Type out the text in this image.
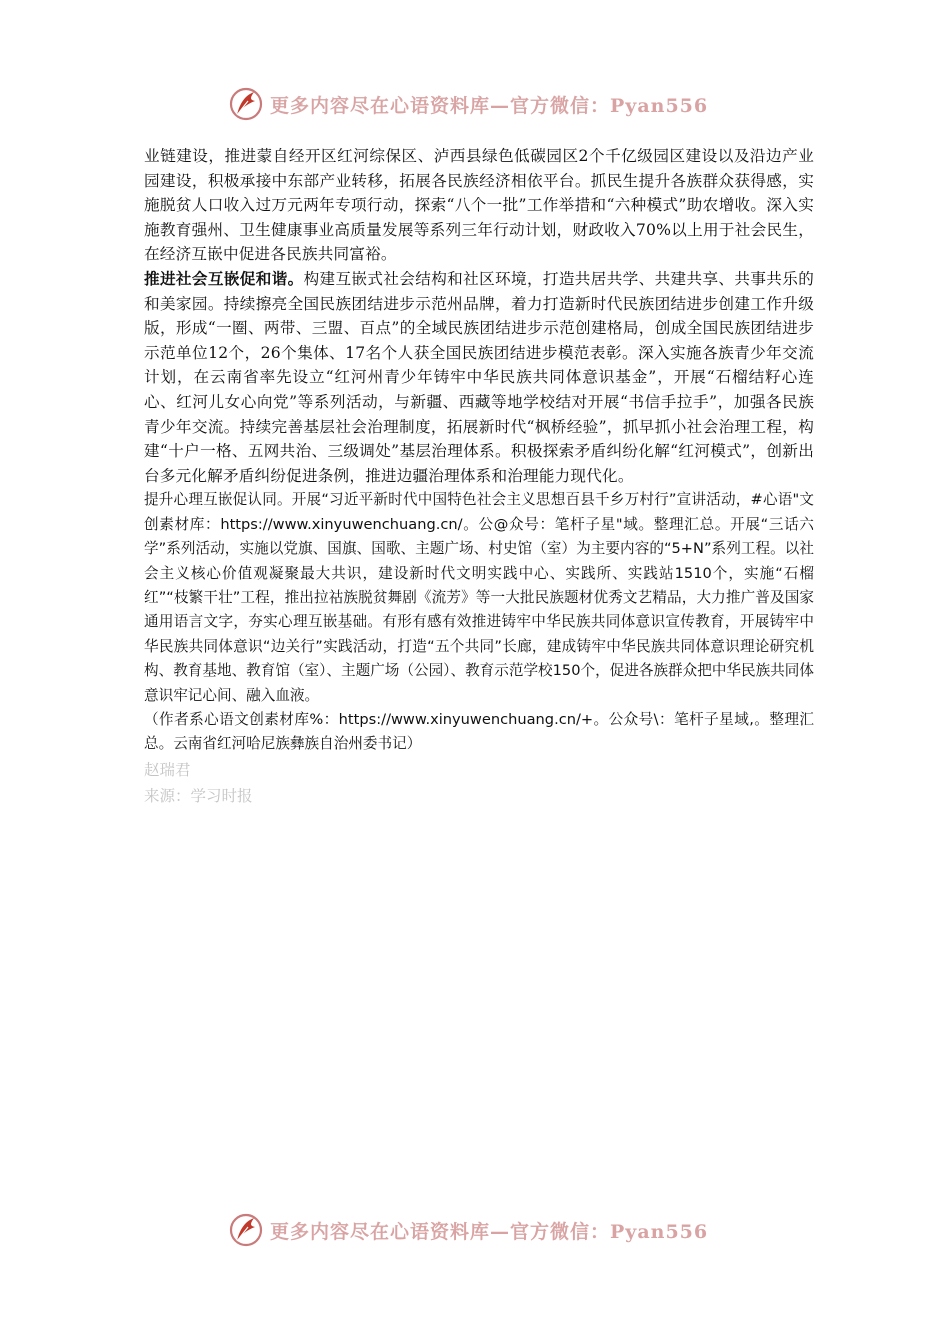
更多内容尽在心语资料库—官方微信：Pyan556

业链建设，推进蒙自经开区红河综保区、泸西县绿色低碳园区2个千亿级园区建设以及沿边产业园建设，积极承接中东部产业转移，拓展各民族经济相依平台。抓民生提升各族群众获得感，实施脱贫人口收入过万元两年专项行动，探索“八个一批”工作举措和“六种模式”助农增收。深入实施教育强州、卫生健康事业高质量发展等系列三年行动计划，财政收入70%以上用于社会民生，在经济互嵌中促进各民族共同富裕。

推进社会互嵌促和谐。构建互嵌式社会结构和社区环境，打造共居共学、共建共享、共事共乐的和美家园。持续擦亮全国民族团结进步示范州品牌，着力打造新时代民族团结进步创建工作升级版，形成“一圈、两带、三盟、百点”的全域民族团结进步示范创建格局，创成全国民族团结进步示范单位12个，26个集体、17名个人获全国民族团结进步模范表彰。深入实施各族青少年交流计划，在云南省率先设立“红河州青少年铸牢中华民族共同体意识基金”，开展“石榴结籽心连心、红河儿女心向党”等系列活动，与新疆、西藏等地学校结对开展“书信手拉手”，加强各民族青少年交流。持续完善基层社会治理制度，拓展新时代“枫桥经验”，抓早抓小社会治理工程，构建“十户一格、五网共治、三级调处”基层治理体系。积极探索矛盾纠纷化解“红河模式”，创新出台多元化解矛盾纠纷促进条例，推进边疆治理体系和治理能力现代化。

提升心理互嵌促认同。开展“习近平新时代中国特色社会主义思想百县千乡万村行”宣讲活动，#心语"文创素材库：https://www.xinyuwenchuang.cn/。公@众号：笔杆子星"域。整理汇总。开展“三话六学”系列活动，实施以党旗、国旗、国歌、主题广场、村史馆（室）为主要内容的“5+N”系列工程。以社会主义核心价值观凝聚最大共识，建设新时代文明实践中心、实践所、实践站1510个，实施“石榴红”“枝繁干壮”工程，推出拉祜族脱贫舞剧《流芳》等一大批民族题材优秀文艺精品，大力推广普及国家通用语言文字，夯实心理互嵌基础。有形有感有效推进铸牢中华民族共同体意识宣传教育，开展铸牢中华民族共同体意识“边关行”实践活动，打造“五个共同”长廊，建成铸牢中华民族共同体意识理论研究机构、教育基地、教育馆（室）、主题广场（公园）、教育示范学校150个，促进各族群众把中华民族共同体意识牢记心间、融入血液。

（作者系心语文创素材库%：https://www.xinyuwenchuang.cn/+。公众号\：笔杆子星域,。整理汇总。云南省红河哈尼族彝族自治州委书记）

赵瑞君

来源：学习时报

更多内容尽在心语资料库—官方微信：Pyan556
